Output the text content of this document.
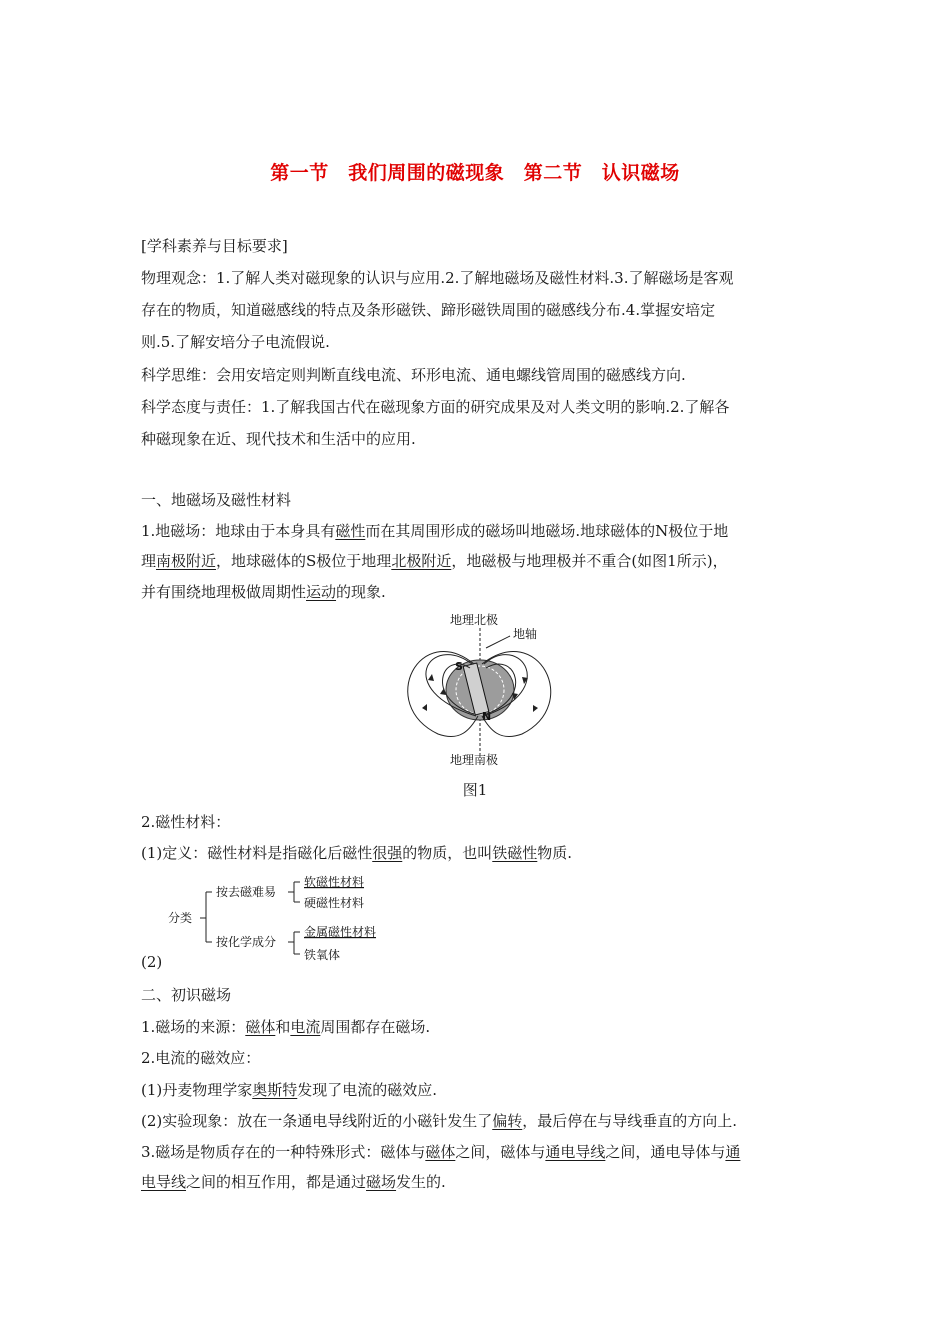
第一节　我们周围的磁现象　第二节　认识磁场
[学科素养与目标要求]
物理观念：1.了解人类对磁现象的认识与应用.2.了解地磁场及磁性材料.3.了解磁场是客观
存在的物质，知道磁感线的特点及条形磁铁、蹄形磁铁周围的磁感线分布.4.掌握安培定
则.5.了解安培分子电流假说.
科学思维：会用安培定则判断直线电流、环形电流、通电螺线管周围的磁感线方向.
科学态度与责任：1.了解我国古代在磁现象方面的研究成果及对人类文明的影响.2.了解各
种磁现象在近、现代技术和生活中的应用.
一、地磁场及磁性材料
1.地磁场：地球由于本身具有磁性而在其周围形成的磁场叫地磁场.地球磁体的N极位于地
理南极附近，地球磁体的S极位于地理北极附近，地磁极与地理极并不重合(如图1所示)，
并有围绕地理极做周期性运动的现象.
地理北极
地轴
S
N
地理南极
图1
2.磁性材料：
(1)定义：磁性材料是指磁化后磁性很强的物质，也叫铁磁性物质.
分类
按去磁难易
按化学成分
软磁性材料
硬磁性材料
金属磁性材料
铁氧体
(2)
二、初识磁场
1.磁场的来源：磁体和电流周围都存在磁场.
2.电流的磁效应：
(1)丹麦物理学家奥斯特发现了电流的磁效应.
(2)实验现象：放在一条通电导线附近的小磁针发生了偏转，最后停在与导线垂直的方向上.
3.磁场是物质存在的一种特殊形式：磁体与磁体之间，磁体与通电导线之间，通电导体与通
电导线之间的相互作用，都是通过磁场发生的.
